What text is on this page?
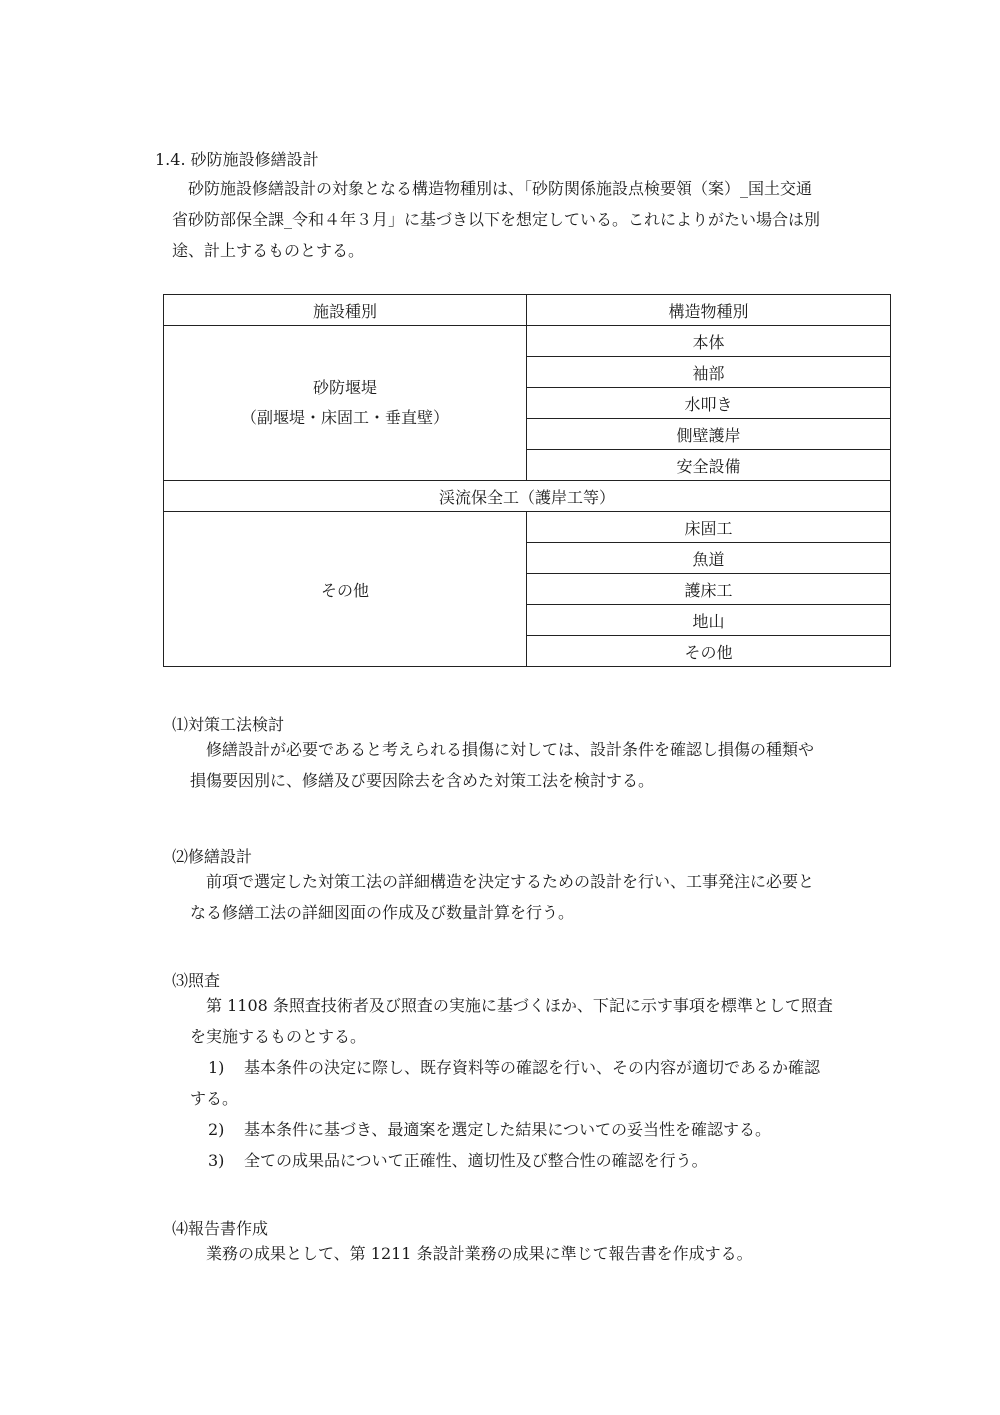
1.4. 砂防施設修繕設計
　砂防施設修繕設計の対象となる構造物種別は、「砂防関係施設点検要領（案）_国土交通
省砂防部保全課_令和４年３月」に基づき以下を想定している。これによりがたい場合は別
途、計上するものとする。
施設種別	構造物種別

砂防堰堤
（副堰堤・床固工・垂直壁）	本体
	袖部
	水叩き
	側壁護岸
	安全設備
渓流保全工（護岸工等）	
その他	床固工
	魚道
	護床工
	地山
	その他
⑴対策工法検討
　修繕設計が必要であると考えられる損傷に対しては、設計条件を確認し損傷の種類や
損傷要因別に、修繕及び要因除去を含めた対策工法を検討する。
⑵修繕設計
　前項で選定した対策工法の詳細構造を決定するための設計を行い、工事発注に必要と
なる修繕工法の詳細図面の作成及び数量計算を行う。
⑶照査
　第 1108 条照査技術者及び照査の実施に基づくほか、下記に示す事項を標準として照査
を実施するものとする。
1) 基本条件の決定に際し、既存資料等の確認を行い、その内容が適切であるか確認
する。
2) 基本条件に基づき、最適案を選定した結果についての妥当性を確認する。
3) 全ての成果品について正確性、適切性及び整合性の確認を行う。
⑷報告書作成
　業務の成果として、第 1211 条設計業務の成果に準じて報告書を作成する。
